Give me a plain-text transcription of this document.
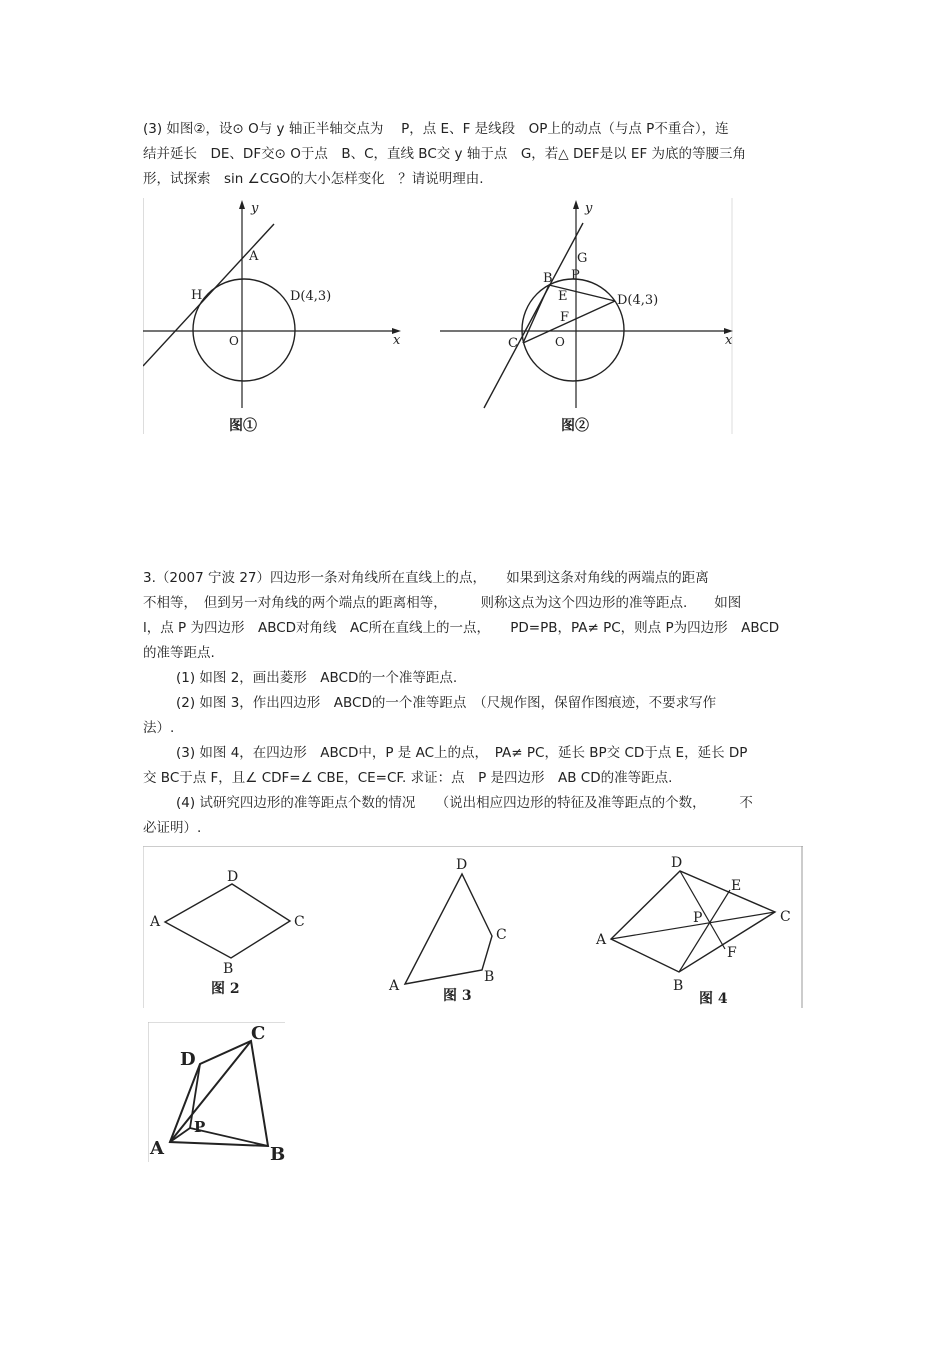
(3) 如图②，设⊙ O与 y 轴正半轴交点为　 P，点 E、F 是线段　OP上的动点（与点 P不重合），连
结并延长　DE、DF交⊙ O于点　B、C，直线 BC交 y 轴于点　G，若△ DEF是以 EF 为底的等腰三角
形，试探索　sin ∠CGO的大小怎样变化　？请说明理由.
y
x
A
H
O
D(4,3)
图①
y
x
G
B P
E
F
C	O
D(4,3)
图②
3.（2007 宁波 27）四边形一条对角线所在直线上的点，　　如果到这条对角线的两端点的距离
不相等，　但到另一对角线的两个端点的距离相等，　　　则称这点为这个四边形的准等距点.　　如图
l，点 P 为四边形　ABCD对角线　AC所在直线上的一点，　　PD=PB，PA≠ PC，则点 P为四边形　ABCD
的准等距点.
(1) 如图 2，画出菱形　ABCD的一个准等距点.
(2) 如图 3，作出四边形　ABCD的一个准等距点　（尺规作图，保留作图痕迹，不要求写作
法）.
(3) 如图 4，在四边形　ABCD中，P 是 AC上的点，　PA≠ PC，延长 BP交 CD于点 E，延长 DP
交 BC于点 F，且∠ CDF=∠ CBE，CE=CF. 求证：点　P 是四边形　AB CD的准等距点.
(4) 试研究四边形的准等距点个数的情况　　（说出相应四边形的特征及准等距点的个数，　　　不
必证明）.
D
A	C
B
图 2
D
C
B
A
图 3
D
E
C
P
A
F
B
图 4
C
D
P
A	B
